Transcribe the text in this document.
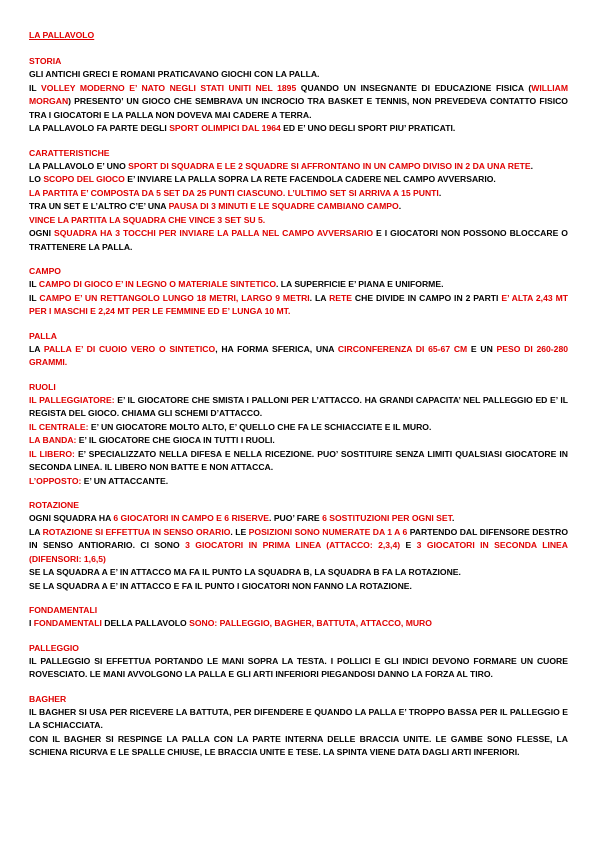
LA PALLAVOLO
STORIA
GLI ANTICHI GRECI E ROMANI PRATICAVANO GIOCHI CON LA PALLA.
IL VOLLEY MODERNO E’ NATO NEGLI STATI UNITI NEL 1895 QUANDO UN INSEGNANTE DI EDUCAZIONE FISICA (WILLIAM MORGAN) PRESENTO’ UN GIOCO CHE SEMBRAVA UN INCROCIO TRA BASKET E TENNIS, NON PREVEDEVA CONTATTO FISICO TRA I GIOCATORI E LA PALLA NON DOVEVA MAI CADERE A TERRA.
LA PALLAVOLO FA PARTE DEGLI SPORT OLIMPICI DAL 1964 ED E’ UNO DEGLI SPORT PIU’ PRATICATI.
CARATTERISTICHE
LA PALLAVOLO E’ UNO SPORT DI SQUADRA E LE 2 SQUADRE SI AFFRONTANO IN UN CAMPO DIVISO IN 2 DA UNA RETE.
LO SCOPO DEL GIOCO E’ INVIARE LA PALLA SOPRA LA RETE FACENDOLA CADERE NEL CAMPO AVVERSARIO.
LA PARTITA E’ COMPOSTA DA 5 SET DA 25 PUNTI CIASCUNO. L’ULTIMO SET SI ARRIVA A 15 PUNTI.
TRA UN SET E L’ALTRO C’E’ UNA PAUSA DI 3 MINUTI E LE SQUADRE CAMBIANO CAMPO.
VINCE LA PARTITA LA SQUADRA CHE VINCE 3 SET SU 5.
OGNI SQUADRA HA 3 TOCCHI PER INVIARE LA PALLA NEL CAMPO AVVERSARIO E I GIOCATORI NON POSSONO BLOCCARE O TRATTENERE LA PALLA.
CAMPO
IL CAMPO DI GIOCO E’ IN LEGNO O MATERIALE SINTETICO. LA SUPERFICIE E’ PIANA E UNIFORME.
IL CAMPO E’ UN RETTANGOLO LUNGO 18 METRI, LARGO 9 METRI. LA RETE CHE DIVIDE IN CAMPO IN 2 PARTI E’ ALTA 2,43 MT PER I MASCHI E 2,24 MT PER LE FEMMINE ED E’ LUNGA 10 MT.
PALLA
LA PALLA E’ DI CUOIO VERO O SINTETICO, HA FORMA SFERICA, UNA CIRCONFERENZA DI 65-67 CM E UN PESO DI 260-280 GRAMMI.
RUOLI
IL PALLEGGIATORE: E’ IL GIOCATORE CHE SMISTA I PALLONI PER L’ATTACCO. HA GRANDI CAPACITA’ NEL PALLEGGIO ED E’ IL REGISTA DEL GIOCO. CHIAMA GLI SCHEMI D’ATTACCO.
IL CENTRALE: E’ UN GIOCATORE MOLTO ALTO, E’ QUELLO CHE FA LE SCHIACCIATE E IL MURO.
LA BANDA: E’ IL GIOCATORE CHE GIOCA IN TUTTI I RUOLI.
IL LIBERO: E’ SPECIALIZZATO NELLA DIFESA E NELLA RICEZIONE. PUO’ SOSTITUIRE SENZA LIMITI QUALSIASI GIOCATORE IN SECONDA LINEA. IL LIBERO NON BATTE E NON ATTACCA.
L’OPPOSTO: E’ UN ATTACCANTE.
ROTAZIONE
OGNI SQUADRA HA 6 GIOCATORI IN CAMPO E 6 RISERVE. PUO’ FARE 6 SOSTITUZIONI PER OGNI SET.
LA ROTAZIONE SI EFFETTUA IN SENSO ORARIO. LE POSIZIONI SONO NUMERATE DA 1 A 6 PARTENDO DAL DIFENSORE DESTRO IN SENSO ANTIORARIO. CI SONO 3 GIOCATORI IN PRIMA LINEA (ATTACCO: 2,3,4) E 3 GIOCATORI IN SECONDA LINEA (DIFENSORI: 1,6,5)
SE LA SQUADRA A E’ IN ATTACCO MA FA IL PUNTO LA SQUADRA B, LA SQUADRA B FA LA ROTAZIONE.
SE LA SQUADRA A E’ IN ATTACCO E FA IL PUNTO I GIOCATORI NON FANNO LA ROTAZIONE.
FONDAMENTALI
I FONDAMENTALI DELLA PALLAVOLO SONO: PALLEGGIO, BAGHER, BATTUTA, ATTACCO, MURO
PALLEGGIO
IL PALLEGGIO SI EFFETTUA PORTANDO LE MANI SOPRA LA TESTA. I POLLICI E GLI INDICI DEVONO FORMARE UN CUORE ROVESCIATO. LE MANI AVVOLGONO LA PALLA E GLI ARTI INFERIORI PIEGANDOSI DANNO LA FORZA AL TIRO.
BAGHER
IL BAGHER SI USA PER RICEVERE LA BATTUTA, PER DIFENDERE E QUANDO LA PALLA E’ TROPPO BASSA PER IL PALLEGGIO E LA SCHIACCIATA.
CON IL BAGHER SI RESPINGE LA PALLA CON LA PARTE INTERNA DELLE BRACCIA UNITE. LE GAMBE SONO FLESSE, LA SCHIENA RICURVA E LE SPALLE CHIUSE, LE BRACCIA UNITE E TESE. LA SPINTA VIENE DATA DAGLI ARTI INFERIORI.
